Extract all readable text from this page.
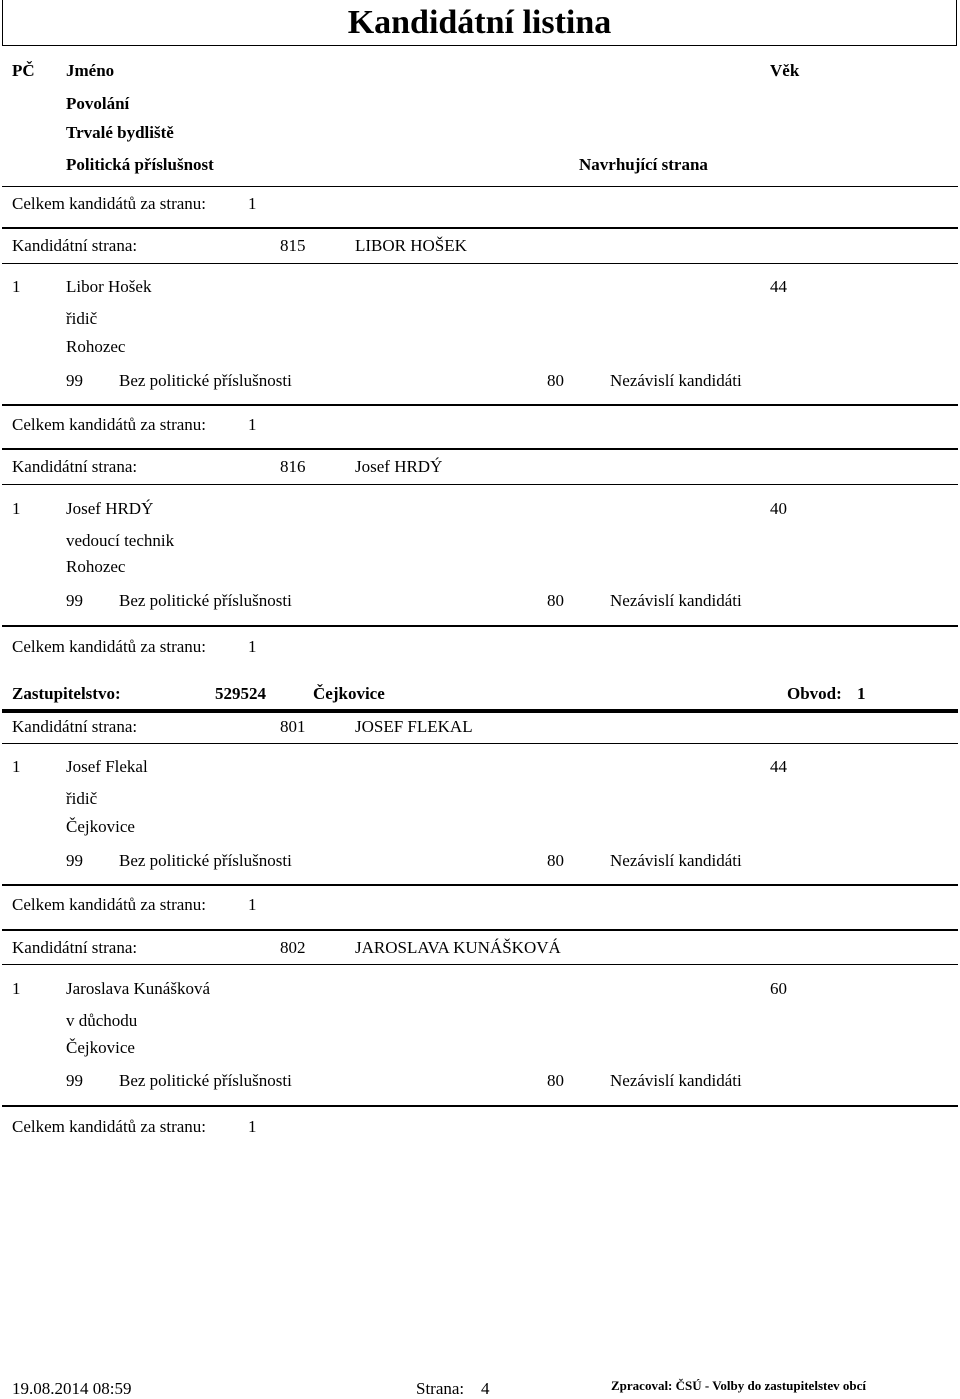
Kandidátní listina
PČ Jméno	Věk
Povolání
Trvalé bydliště
Politická příslušnost	Navrhující strana
Celkem kandidátů za stranu: 1
Kandidátní strana:	815	LIBOR HOŠEK
1	Libor Hošek	44
řidič
Rohozec
99 Bez politické příslušnosti	80	Nezávislí kandidáti
Celkem kandidátů za stranu: 1
Kandidátní strana:	816	Josef HRDÝ
1	Josef HRDÝ	40
vedoucí technik
Rohozec
99 Bez politické příslušnosti	80	Nezávislí kandidáti
Celkem kandidátů za stranu: 1
Zastupitelstvo:	529524	Čejkovice	Obvod: 1
Kandidátní strana:	801	JOSEF FLEKAL
1	Josef Flekal	44
řidič
Čejkovice
99 Bez politické příslušnosti	80	Nezávislí kandidáti
Celkem kandidátů za stranu: 1
Kandidátní strana:	802	JAROSLAVA KUNÁŠKOVÁ
1	Jaroslava Kunášková	60
v důchodu
Čejkovice
99 Bez politické příslušnosti	80	Nezávislí kandidáti
Celkem kandidátů za stranu: 1
19.08.2014 08:59	Strana: 4	Zpracoval: ČSÚ - Volby do zastupitelstev obcí
